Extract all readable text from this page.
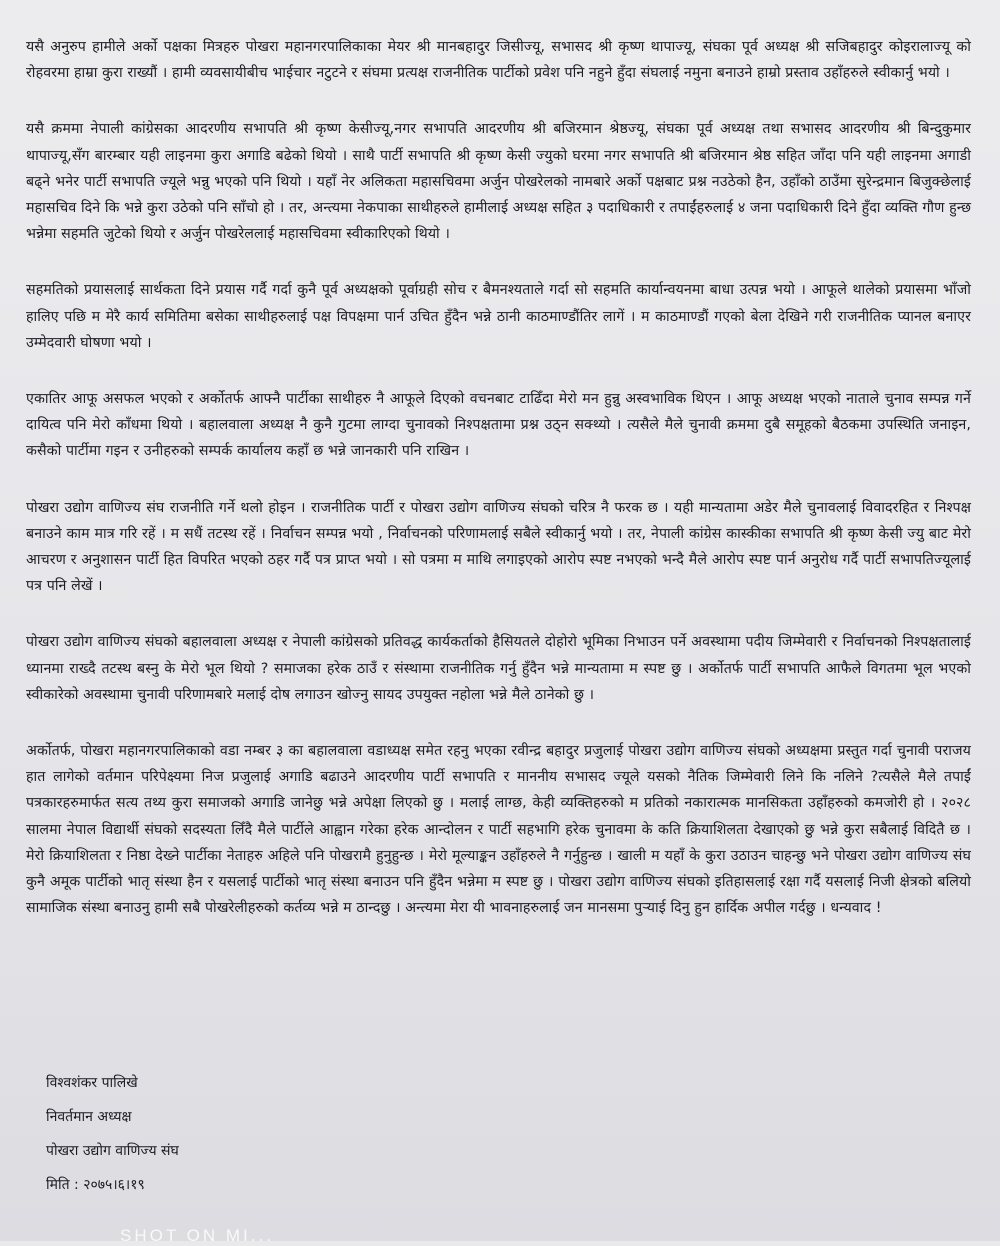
यसै अनुरुप हामीले अर्को पक्षका मित्रहरु पोखरा महानगरपालिकाका मेयर श्री मानबहादुर जिसीज्यू, सभासद श्री कृष्ण थापाज्यू, संघका पूर्व अध्यक्ष श्री सजिबहादुर कोइरालाज्यू को रोहवरमा हाम्रा कुरा राख्यौं । हामी व्यवसायीबीच भाईचार नटुटने र संघमा प्रत्यक्ष राजनीतिक पार्टीको प्रवेश पनि नहुने हुँदा संघलाई नमुना बनाउने हाम्रो प्रस्ताव उहाँहरुले स्वीकार्नु भयो ।

यसै क्रममा नेपाली कांग्रेसका आदरणीय सभापति श्री कृष्ण केसीज्यू,नगर सभापति आदरणीय श्री बजिरमान श्रेष्ठज्यू, संघका पूर्व अध्यक्ष तथा सभासद आदरणीय श्री बिन्दुकुमार थापाज्यू,सँग बारम्बार यही लाइनमा कुरा अगाडि बढेको थियो । साथै पार्टी सभापति श्री कृष्ण केसी ज्युको घरमा नगर सभापति श्री बजिरमान श्रेष्ठ सहित जाँदा पनि यही लाइनमा अगाडी बढ्ने भनेर पार्टी सभापति ज्यूले भन्नु भएको पनि थियो । यहाँ नेर अलिकता महासचिवमा अर्जुन पोखरेलको नामबारे अर्को पक्षबाट प्रश्न नउठेको हैन, उहाँको ठाउँमा सुरेन्द्रमान बिजुक्छेलाई महासचिव दिने कि भन्ने कुरा उठेको पनि साँचो हो । तर, अन्त्यमा नेकपाका साथीहरुले हामीलाई अध्यक्ष सहित ३ पदाधिकारी र तपाईंहरुलाई ४ जना पदाधिकारी दिने हुँदा व्यक्ति गौण हुन्छ भन्नेमा सहमति जुटेको थियो र अर्जुन पोखरेललाई महासचिवमा स्वीकारिएको थियो ।

सहमतिको प्रयासलाई सार्थकता दिने प्रयास गर्दै गर्दा कुनै पूर्व अध्यक्षको पूर्वाग्रही सोच र बैमनश्यताले गर्दा सो सहमति कार्यान्वयनमा बाधा उत्पन्न भयो । आफूले थालेको प्रयासमा भाँजो हालिए पछि म मेरै कार्य समितिमा बसेका साथीहरुलाई पक्ष विपक्षमा पार्न उचित हुँदैन भन्ने ठानी काठमाण्डौंतिर लागें । म काठमाण्डौं गएको बेला देखिने गरी राजनीतिक प्यानल बनाएर उम्मेदवारी घोषणा भयो ।

एकातिर आफू असफल भएको र अर्कोतर्फ आफ्नै पार्टीका साथीहरु नै आफूले दिएको वचनबाट टाढिँदा मेरो मन हुन्नु अस्वभाविक थिएन । आफू अध्यक्ष भएको नाताले चुनाव सम्पन्न गर्ने दायित्व पनि मेरो काँधमा थियो । बहालवाला अध्यक्ष नै कुनै गुटमा लाग्दा चुनावको निश्पक्षतामा प्रश्न उठ्न सक्थ्यो । त्यसैले मैले चुनावी क्रममा दुबै समूहको बैठकमा उपस्थिति जनाइन, कसैको पार्टीमा गइन र उनीहरुको सम्पर्क कार्यालय कहाँ छ भन्ने जानकारी पनि राखिन ।

पोखरा उद्योग वाणिज्य संघ राजनीति गर्ने थलो होइन । राजनीतिक पार्टी र पोखरा उद्योग वाणिज्य संघको चरित्र नै फरक छ । यही मान्यतामा अडेर मैले चुनावलाई विवादरहित र निश्पक्ष बनाउने काम मात्र गरि रहें । म सधैं तटस्थ रहें । निर्वाचन सम्पन्न भयो , निर्वाचनको परिणामलाई सबैले स्वीकार्नु भयो । तर, नेपाली कांग्रेस कास्कीका सभापति श्री कृष्ण केसी ज्यु बाट मेरो आचरण र अनुशासन पार्टी हित विपरित भएको ठहर गर्दै पत्र प्राप्त भयो । सो पत्रमा म माथि लगाइएको आरोप स्पष्ट नभएको भन्दै मैले आरोप स्पष्ट पार्न अनुरोध गर्दै पार्टी सभापतिज्यूलाई पत्र पनि लेखें ।

पोखरा उद्योग वाणिज्य संघको बहालवाला अध्यक्ष र नेपाली कांग्रेसको प्रतिवद्ध कार्यकर्ताको हैसियतले दोहोरो भूमिका निभाउन पर्ने अवस्थामा पदीय जिम्मेवारी र निर्वाचनको निश्पक्षतालाई ध्यानमा राख्दै तटस्थ बस्नु के मेरो भूल थियो ? समाजका हरेक ठाउँ र संस्थामा राजनीतिक गर्नु हुँदैन भन्ने मान्यतामा म स्पष्ट छु । अर्कोतर्फ पार्टी सभापति आफैले विगतमा भूल भएको स्वीकारेको अवस्थामा चुनावी परिणामबारे मलाई दोष लगाउन खोज्नु सायद उपयुक्त नहोला भन्ने मैले ठानेको छु ।

अर्कोतर्फ, पोखरा महानगरपालिकाको वडा नम्बर ३ का बहालवाला वडाध्यक्ष समेत रहनु भएका रवीन्द्र बहादुर प्रजुलाई पोखरा उद्योग वाणिज्य संघको अध्यक्षमा प्रस्तुत गर्दा चुनावी पराजय हात लागेको वर्तमान परिपेक्ष्यमा निज प्रजुलाई अगाडि बढाउने आदरणीय पार्टी सभापति र माननीय सभासद ज्यूले यसको नैतिक जिम्मेवारी लिने कि नलिने ?त्यसैले मैले तपाईं पत्रकारहरुमार्फत सत्य तथ्य कुरा समाजको अगाडि जानेछु भन्ने अपेक्षा लिएको छु । मलाई लाग्छ, केही व्यक्तिहरुको म प्रतिको नकारात्मक मानसिकता उहाँहरुको कमजोरी हो । २०२८ सालमा नेपाल विद्यार्थी संघको सदस्यता लिँदै मैले पार्टीले आह्वान गरेका हरेक आन्दोलन र पार्टी सहभागि हरेक चुनावमा के कति क्रियाशिलता देखाएको छु भन्ने कुरा सबैलाई विदितै छ । मेरो क्रियाशिलता र निष्ठा देख्ने पार्टीका नेताहरु अहिले पनि पोखरामै हुनुहुन्छ । मेरो मूल्याङ्कन उहाँहरुले नै गर्नुहुन्छ । खाली म यहाँ के कुरा उठाउन चाहन्छु भने पोखरा उद्योग वाणिज्य संघ कुनै अमूक पार्टीको भातृ संस्था हैन र यसलाई पार्टीको भातृ संस्था बनाउन पनि हुँदैन भन्नेमा म स्पष्ट छु । पोखरा उद्योग वाणिज्य संघको इतिहासलाई रक्षा गर्दै यसलाई निजी क्षेत्रको बलियो सामाजिक संस्था बनाउनु हामी सबै पोखरेलीहरुको कर्तव्य भन्ने म ठान्दछु । अन्त्यमा मेरा यी भावनाहरुलाई जन मानसमा पुऱ्याई दिनु हुन हार्दिक अपील गर्दछु । धन्यवाद !

विश्वशंकर पालिखे

निवर्तमान अध्यक्ष

पोखरा उद्योग वाणिज्य संघ

मिति : २०७५।६।१९

SHOT ON MI...
